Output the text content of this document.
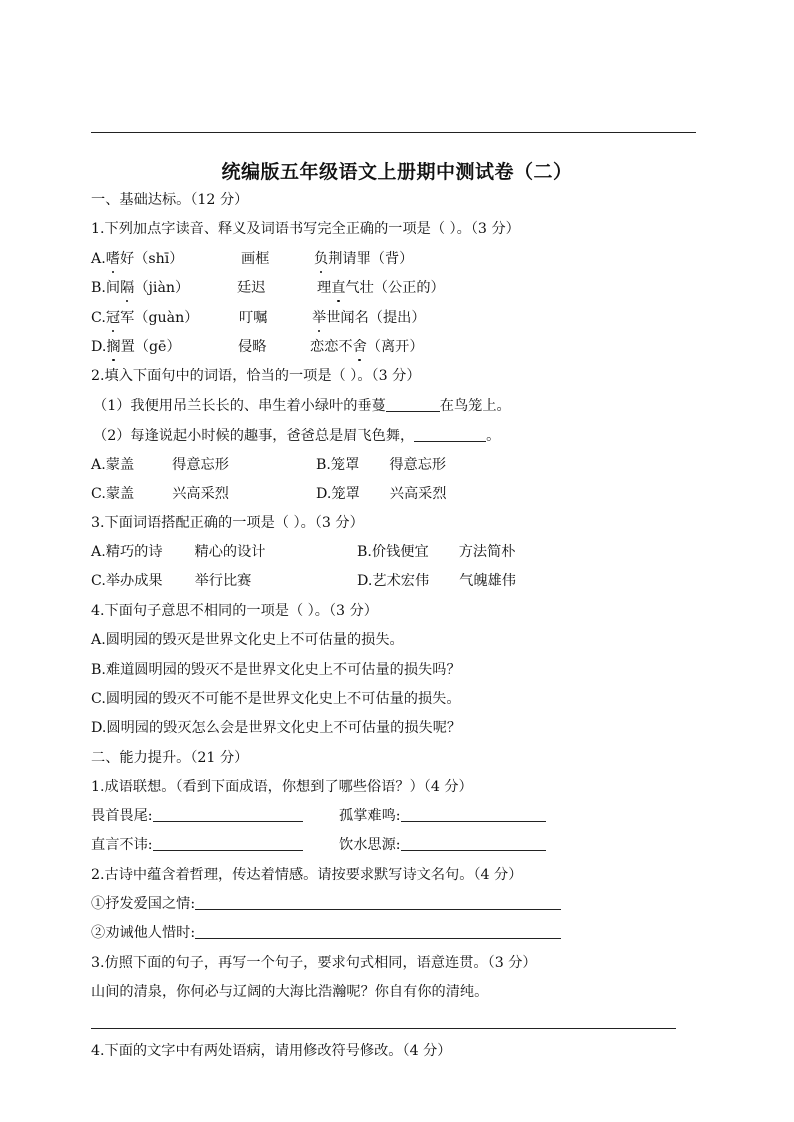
统编版五年级语文上册期中测试卷（二）
一、基础达标。（12 分）
1.下列加点字读音、释义及词语书写完全正确的一项是（ ）。（3 分）
A.嗜好（shī）	画框	负荆请罪（背）
B.间隔（jiàn）	廷迟	理直气壮（公正的）
C.冠军（guàn）	叮嘱	举世闻名（提出）
D.搁置（gē）	侵略	恋恋不舍（离开）
2.填入下面句中的词语，恰当的一项是（ ）。（3 分）
（1）我便用吊兰长长的、串生着小绿叶的垂蔓	在鸟笼上。
（2）每逢说起小时候的趣事，爸爸总是眉飞色舞，	。
A.蒙盖	得意忘形	B.笼罩 得意忘形
C.蒙盖	兴高采烈	D.笼罩 兴高采烈
3.下面词语搭配正确的一项是（ ）。（3 分）
A.精巧的诗 精心的设计	B.价钱便宜 方法简朴
C.举办成果 举行比赛	D.艺术宏伟 气魄雄伟
4.下面句子意思不相同的一项是（ ）。（3 分）
A.圆明园的毁灭是世界文化史上不可估量的损失。
B.难道圆明园的毁灭不是世界文化史上不可估量的损失吗？
C.圆明园的毁灭不可能不是世界文化史上不可估量的损失。
D.圆明园的毁灭怎么会是世界文化史上不可估量的损失呢？
二、能力提升。（21 分）
1.成语联想。（看到下面成语，你想到了哪些俗语？）（4 分）
畏首畏尾:	孤掌难鸣:
直言不讳:	饮水思源:
2.古诗中蕴含着哲理，传达着情感。请按要求默写诗文名句。（4 分）
①抒发爱国之情:
②劝诫他人惜时:
3.仿照下面的句子，再写一个句子，要求句式相同，语意连贯。（3 分）
山间的清泉，你何必与辽阔的大海比浩瀚呢？你自有你的清纯。
4.下面的文字中有两处语病，请用修改符号修改。（4 分）
